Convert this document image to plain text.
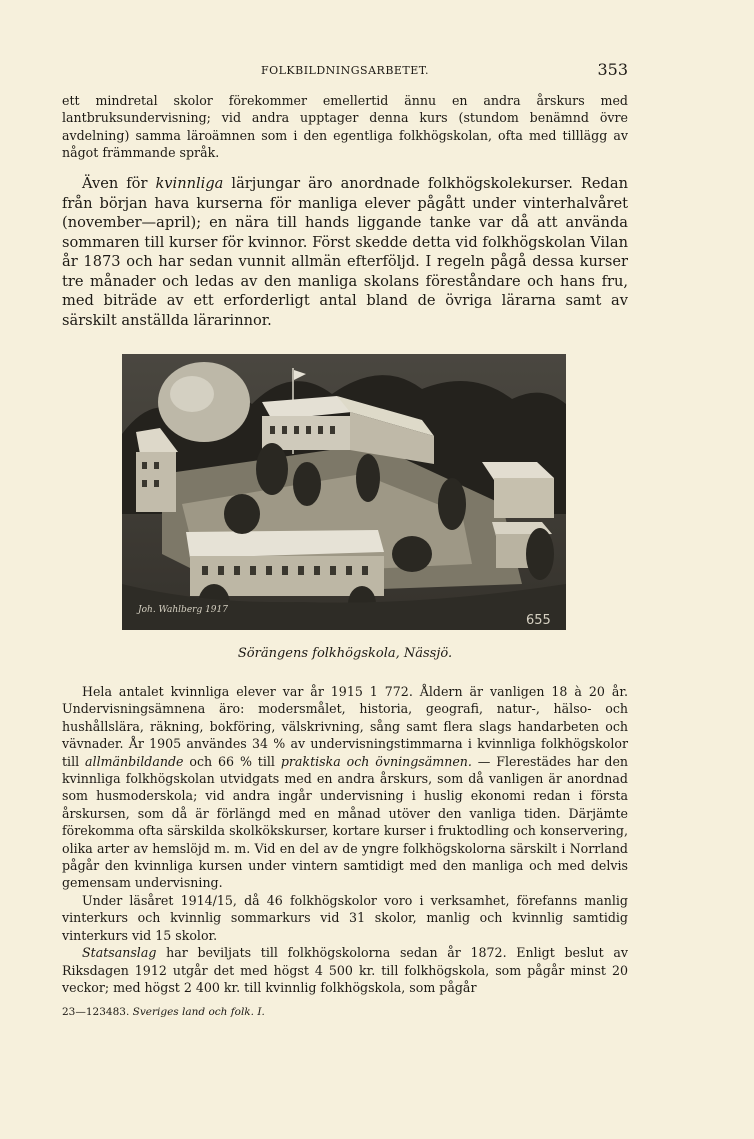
FOLKBILDNINGSARBETET.	353

ett mindretal skolor förekommer emellertid ännu en andra årskurs med lantbruksundervisning; vid andra upptager denna kurs (stundom benämnd övre avdelning) samma läroämnen som i den egentliga folkhögskolan, ofta med tilllägg av något främmande språk.

Även för kvinnliga lärjungar äro anordnade folkhögskolekurser. Redan från början hava kurserna för manliga elever pågått under vinterhalvåret (november—april); en nära till hands liggande tanke var då att använda sommaren till kurser för kvinnor. Först skedde detta vid folkhögskolan Vilan år 1873 och har sedan vunnit allmän efterföljd. I regeln pågå dessa kurser tre månader och ledas av den manliga skolans föreståndare och hans fru, med biträde av ett erforderligt antal bland de övriga lärarna samt av särskilt anställda lärarinnor.

Joh. Wahlberg 1917
655
Sörängens folkhögskola, Nässjö.

Hela antalet kvinnliga elever var år 1915 1 772. Åldern är vanligen 18 à 20 år. Undervisningsämnena äro: modersmålet, historia, geografi, natur-, hälso- och hushållslära, räkning, bokföring, välskrivning, sång samt flera slags handarbeten och vävnader. År 1905 användes 34 % av undervisningstimmarna i kvinnliga folkhögskolor till allmänbildande och 66 % till praktiska och övningsämnen. — Flerestädes har den kvinnliga folkhögskolan utvidgats med en andra årskurs, som då vanligen är anordnad som husmoderskola; vid andra ingår undervisning i huslig ekonomi redan i första årskursen, som då är förlängd med en månad utöver den vanliga tiden. Därjämte förekomma ofta särskilda skolkökskurser, kortare kurser i fruktodling och konservering, olika arter av hemslöjd m. m. Vid en del av de yngre folkhögskolorna särskilt i Norrland pågår den kvinnliga kursen under vintern samtidigt med den manliga och med delvis gemensam undervisning.

Under läsåret 1914/15, då 46 folkhögskolor voro i verksamhet, förefanns manlig vinterkurs och kvinnlig sommarkurs vid 31 skolor, manlig och kvinnlig samtidig vinterkurs vid 15 skolor.

Statsanslag har beviljats till folkhögskolorna sedan år 1872. Enligt beslut av Riksdagen 1912 utgår det med högst 4 500 kr. till folkhögskola, som pågår minst 20 veckor; med högst 2 400 kr. till kvinnlig folkhögskola, som pågår

23—123483. Sveriges land och folk. I.
